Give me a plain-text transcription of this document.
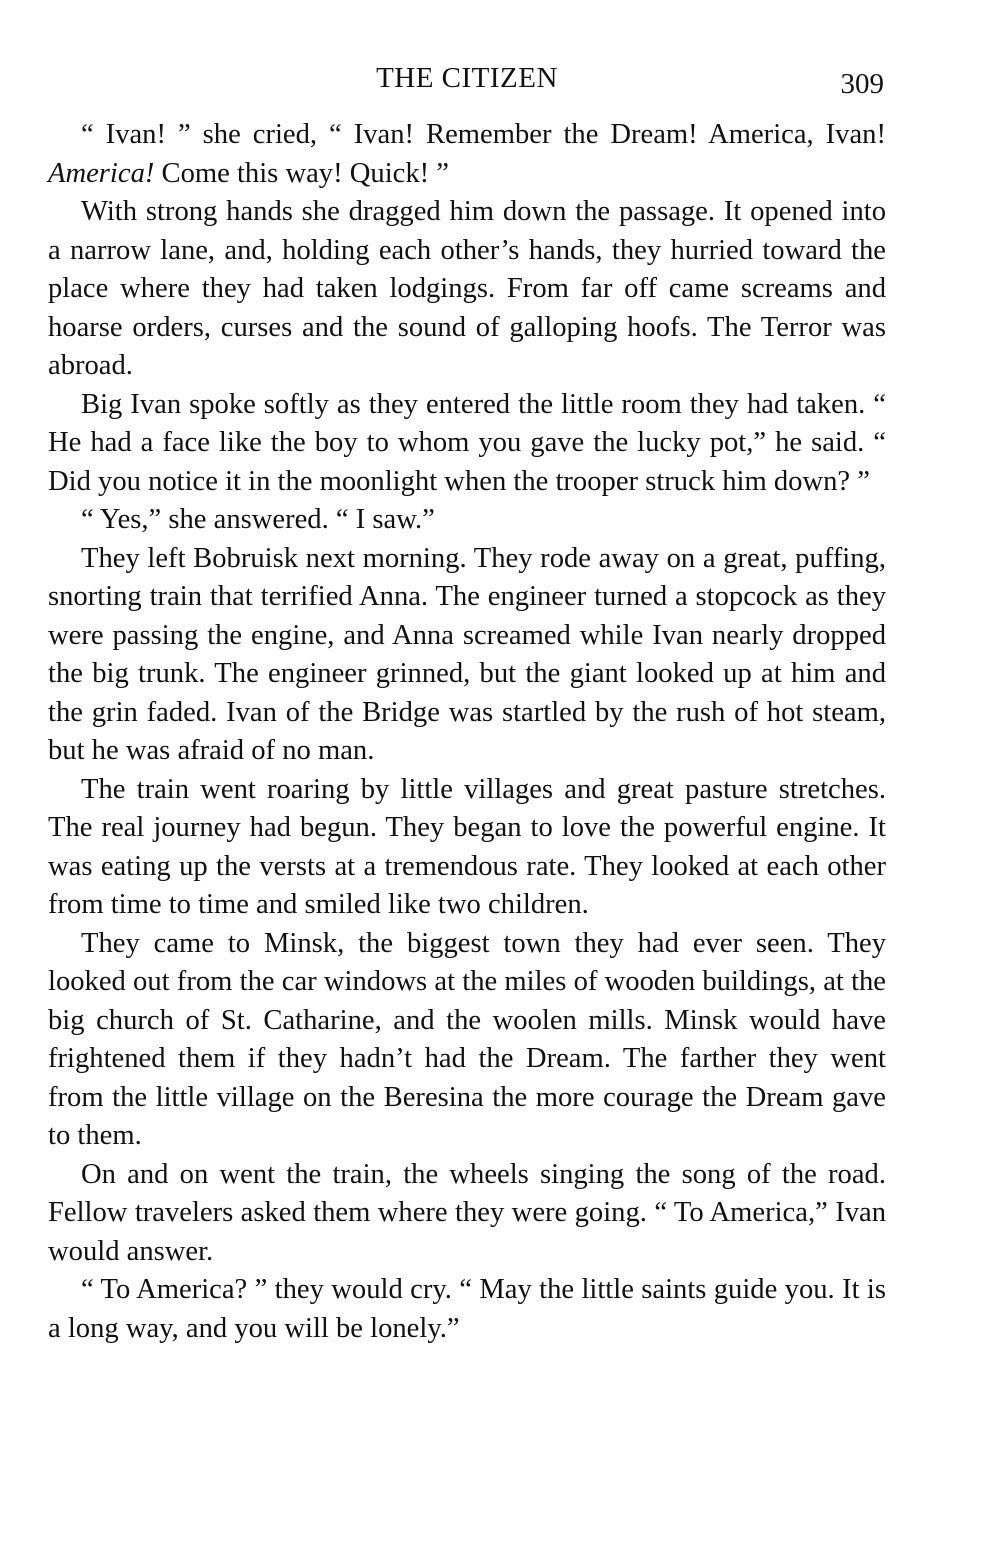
THE CITIZEN	309

“ Ivan! ” she cried, “ Ivan! Remember the Dream! America, Ivan! America! Come this way! Quick! ”

With strong hands she dragged him down the passage. It opened into a narrow lane, and, holding each other’s hands, they hurried toward the place where they had taken lodgings. From far off came screams and hoarse orders, curses and the sound of galloping hoofs. The Terror was abroad.

Big Ivan spoke softly as they entered the little room they had taken. “ He had a face like the boy to whom you gave the lucky pot,” he said. “ Did you notice it in the moonlight when the trooper struck him down? ”

“ Yes,” she answered. “ I saw.”

They left Bobruisk next morning. They rode away on a great, puffing, snorting train that terrified Anna. The engineer turned a stopcock as they were passing the engine, and Anna screamed while Ivan nearly dropped the big trunk. The engineer grinned, but the giant looked up at him and the grin faded. Ivan of the Bridge was startled by the rush of hot steam, but he was afraid of no man.

The train went roaring by little villages and great pasture stretches. The real journey had begun. They began to love the powerful engine. It was eating up the versts at a tremendous rate. They looked at each other from time to time and smiled like two children.

They came to Minsk, the biggest town they had ever seen. They looked out from the car windows at the miles of wooden buildings, at the big church of St. Catharine, and the woolen mills. Minsk would have frightened them if they hadn’t had the Dream. The farther they went from the little village on the Beresina the more courage the Dream gave to them.

On and on went the train, the wheels singing the song of the road. Fellow travelers asked them where they were going. “ To America,” Ivan would answer.

“ To America? ” they would cry. “ May the little saints guide you. It is a long way, and you will be lonely.”
